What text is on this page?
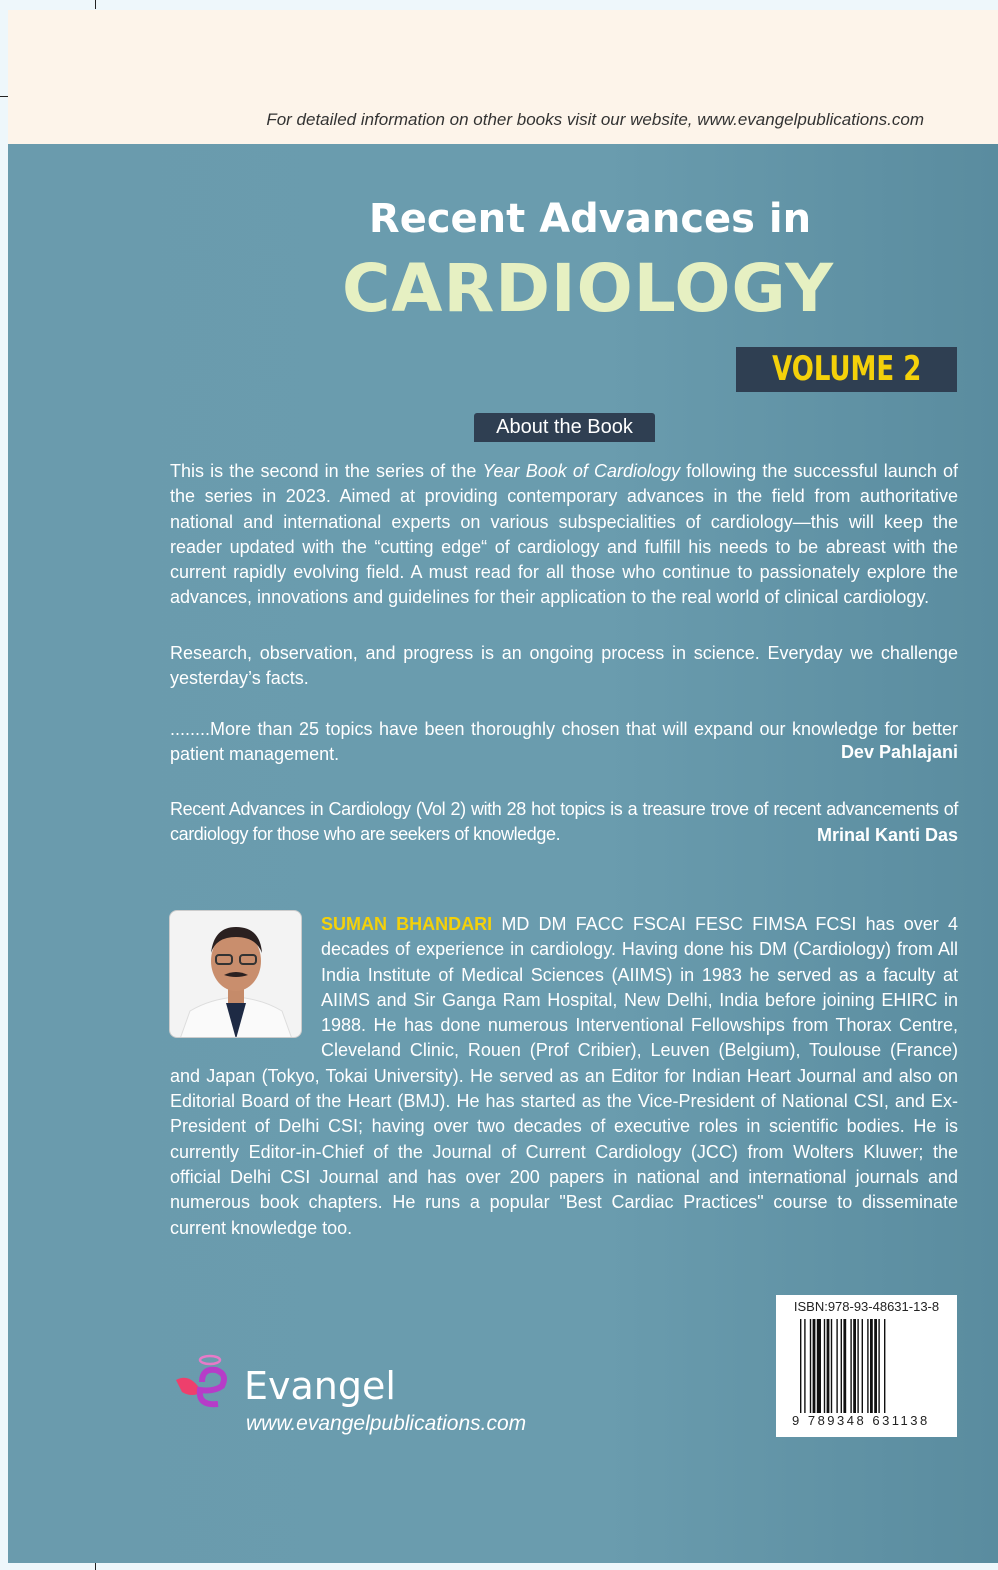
For detailed information on other books visit our website, www.evangelpublications.com
Recent Advances in
CARDIOLOGY
VOLUME 2
About the Book
This is the second in the series of the Year Book of Cardiology following the successful launch of the series in 2023. Aimed at providing contemporary advances in the field from authoritative national and international experts on various subspecialities of cardiology—this will keep the reader updated with the “cutting edge“ of cardiology and fulfill his needs to be abreast with the current rapidly evolving field. A must read for all those who continue to passionately explore the advances, innovations and guidelines for their application to the real world of clinical cardiology.
Research, observation, and progress is an ongoing process in science. Everyday we challenge yesterday’s facts.
........More than 25 topics have been thoroughly chosen that will expand our knowledge for better patient management.	Dev Pahlajani
Recent Advances in Cardiology (Vol 2) with 28 hot topics is a treasure trove of recent advancements of cardiology for those who are seekers of knowledge.	Mrinal Kanti Das
SUMAN BHANDARI MD DM FACC FSCAI FESC FIMSA FCSI has over 4 decades of experience in cardiology. Having done his DM (Cardiology) from All India Institute of Medical Sciences (AIIMS) in 1983 he served as a faculty at AIIMS and Sir Ganga Ram Hospital, New Delhi, India before joining EHIRC in 1988. He has done numerous Interventional Fellowships from Thorax Centre, Cleveland Clinic, Rouen (Prof Cribier), Leuven (Belgium), Toulouse (France) and Japan (Tokyo, Tokai University). He served as an Editor for Indian Heart Journal and also on Editorial Board of the Heart (BMJ). He has started as the Vice-President of National CSI, and Ex-President of Delhi CSI; having over two decades of executive roles in scientific bodies. He is currently Editor-in-Chief of the Journal of Current Cardiology (JCC) from Wolters Kluwer; the official Delhi CSI Journal and has over 200 papers in national and international journals and numerous book chapters. He runs a popular "Best Cardiac Practices" course to disseminate current knowledge too.
Evangel
www.evangelpublications.com
ISBN:978-93-48631-13-8
9 789348 631138
